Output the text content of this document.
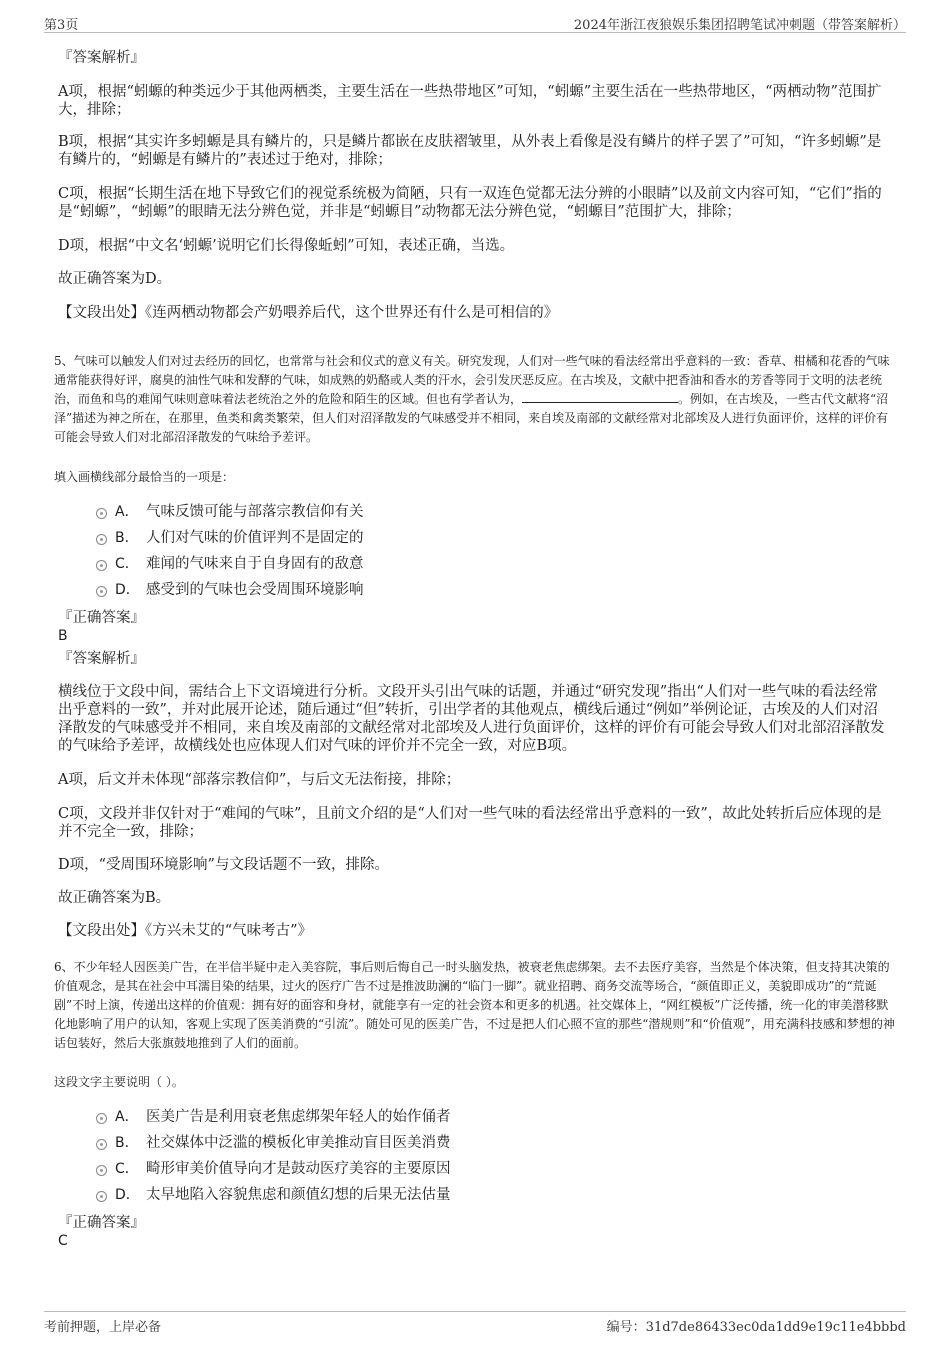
第3页	2024年浙江夜狼娱乐集团招聘笔试冲刺题（带答案解析）

『答案解析』

A项，根据“蚓螈的种类远少于其他两栖类，主要生活在一些热带地区”可知，“蚓螈”主要生活在一些热带地区，“两栖动物”范围扩大，排除；

B项，根据“其实许多蚓螈是具有鳞片的，只是鳞片都嵌在皮肤褶皱里，从外表上看像是没有鳞片的样子罢了”可知，“许多蚓螈”是有鳞片的，“蚓螈是有鳞片的”表述过于绝对，排除；

C项，根据“长期生活在地下导致它们的视觉系统极为简陋，只有一双连色觉都无法分辨的小眼睛”以及前文内容可知，“它们”指的是“蚓螈”，“蚓螈”的眼睛无法分辨色觉，并非是“蚓螈目”动物都无法分辨色觉，“蚓螈目”范围扩大，排除；

D项，根据“中文名‘蚓螈’说明它们长得像蚯蚓”可知，表述正确，当选。

故正确答案为D。

【文段出处】《连两栖动物都会产奶喂养后代，这个世界还有什么是可相信的》

5、气味可以触发人们对过去经历的回忆，也常常与社会和仪式的意义有关。研究发现，人们对一些气味的看法经常出乎意料的一致：香草、柑橘和花香的气味通常能获得好评，腐臭的油性气味和发酵的气味，如成熟的奶酪或人类的汗水，会引发厌恶反应。在古埃及，文献中把香油和香水的芳香等同于文明的法老统治，而鱼和鸟的难闻气味则意味着法老统治之外的危险和陌生的区域。但也有学者认为，	。例如，在古埃及，一些古代文献将“沼泽”描述为神之所在，在那里，鱼类和禽类繁荣，但人们对沼泽散发的气味感受并不相同，来自埃及南部的文献经常对北部埃及人进行负面评价，这样的评价有可能会导致人们对北部沼泽散发的气味给予差评。

填入画横线部分最恰当的一项是：

A． 气味反馈可能与部落宗教信仰有关
B． 人们对气味的价值评判不是固定的
C． 难闻的气味来自于自身固有的敌意
D． 感受到的气味也会受周围环境影响

『正确答案』

B

『答案解析』

横线位于文段中间，需结合上下文语境进行分析。文段开头引出气味的话题，并通过“研究发现”指出“人们对一些气味的看法经常出乎意料的一致”，并对此展开论述，随后通过“但”转折，引出学者的其他观点，横线后通过“例如”举例论证，古埃及的人们对沼泽散发的气味感受并不相同，来自埃及南部的文献经常对北部埃及人进行负面评价，这样的评价有可能会导致人们对北部沼泽散发的气味给予差评，故横线处也应体现人们对气味的评价并不完全一致，对应B项。

A项，后文并未体现“部落宗教信仰”，与后文无法衔接，排除；

C项，文段并非仅针对于“难闻的气味”，且前文介绍的是“人们对一些气味的看法经常出乎意料的一致”，故此处转折后应体现的是并不完全一致，排除；

D项，“受周围环境影响”与文段话题不一致，排除。

故正确答案为B。

【文段出处】《方兴未艾的“气味考古”》

6、不少年轻人因医美广告，在半信半疑中走入美容院，事后则后悔自己一时头脑发热，被衰老焦虑绑架。去不去医疗美容，当然是个体决策，但支持其决策的价值观念，是其在社会中耳濡目染的结果，过火的医疗广告不过是推波助澜的“临门一脚”。就业招聘、商务交流等场合，“颜值即正义，美貌即成功”的“荒诞剧”不时上演，传递出这样的价值观：拥有好的面容和身材，就能享有一定的社会资本和更多的机遇。社交媒体上，“网红模板”广泛传播，统一化的审美潜移默化地影响了用户的认知，客观上实现了医美消费的“引流”。随处可见的医美广告，不过是把人们心照不宣的那些“潜规则”和“价值观”，用充满科技感和梦想的神话包装好，然后大张旗鼓地推到了人们的面前。

这段文字主要说明（ ）。

A． 医美广告是利用衰老焦虑绑架年轻人的始作俑者
B． 社交媒体中泛滥的模板化审美推动盲目医美消费
C． 畸形审美价值导向才是鼓动医疗美容的主要原因
D． 太早地陷入容貌焦虑和颜值幻想的后果无法估量

『正确答案』

C

考前押题，上岸必备	编号：31d7de86433ec0da1dd9e19c11e4bbbd
